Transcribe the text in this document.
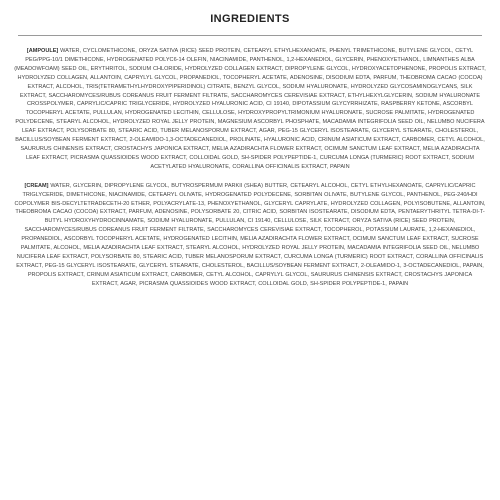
INGREDIENTS

[AMPOULE] WATER, CYCLOMETHICONE, ORYZA SATIVA (RICE) SEED PROTEIN, CETEARYL ETHYLHEXANOATE, PHENYL TRIMETHICONE, BUTYLENE GLYCOL, CETYL PEG/PPG-10/1 DIMETHICONE, HYDROGENATED POLYC6-14 OLEFIN, NIACINAMIDE, PANTHENOL, 1,2-HEXANEDIOL, GLYCERIN, PHENOXYETHANOL, LIMNANTHES ALBA (MEADOWFOAM) SEED OIL, ERYTHRITOL, SODIUM CHLORIDE, HYDROLYZED COLLAGEN EXTRACT, DIPROPYLENE GLYCOL, HYDROXYACETOPHENONE, PROPOLIS EXTRACT, HYDROLYZED COLLAGEN, ALLANTOIN, CAPRYLYL GLYCOL, PROPANEDIOL, TOCOPHERYL ACETATE, ADENOSINE, DISODIUM EDTA, PARFUM, THEOBROMA CACAO (COCOA) EXTRACT, ALCOHOL, TRIS(TETRAMETHYLHYDROXYPIPERIDINOL) CITRATE, BENZYL GLYCOL, SODIUM HYALURONATE, HYDROLYZED GLYCOSAMINOGLYCANS, SILK EXTRACT, SACCHAROMYCES/RUBUS COREANUS FRUIT FERMENT FILTRATE, SACCHAROMYCES CEREVISIAE EXTRACT, ETHYLHEXYLGLYCERIN, SODIUM HYALURONATE CROSSPOLYMER, CAPRYLIC/CAPRIC TRIGLYCERIDE, HYDROLYZED HYALURONIC ACID, CI 19140, DIPOTASSIUM GLYCYRRHIZATE, RASPBERRY KETONE, ASCORBYL TOCOPHERYL ACETATE, PULLULAN, HYDROGENATED LECITHIN, CELLULOSE, HYDROXYPROPYLTRIMONIUM HYALURONATE, SUCROSE PALMITATE, HYDROGENATED POLYDECENE, STEARYL ALCOHOL, HYDROLYZED ROYAL JELLY PROTEIN, MAGNESIUM ASCORBYL PHOSPHATE, MACADAMIA INTEGRIFOLIA SEED OIL, NELUMBO NUCIFERA LEAF EXTRACT, POLYSORBATE 80, STEARIC ACID, TUBER MELANOSPORUM EXTRACT, AGAR, PEG-15 GLYCERYL ISOSTEARATE, GLYCERYL STEARATE, CHOLESTEROL, BACILLUS/SOYBEAN FERMENT EXTRACT, 2-OLEAMIDO-1,3-OCTADECANEDIOL, PROLINATE, HYALURONIC ACID, CRINUM ASIATICUM EXTRACT, CARBOMER, CETYL ALCOHOL, SAURURUS CHINENSIS EXTRACT, CROSTACHYS JAPONICA EXTRACT, MELIA AZADIRACHTA FLOWER EXTRACT, OCIMUM SANCTUM LEAF EXTRACT, MELIA AZADIRACHTA LEAF EXTRACT, PICRASMA QUASSIOIDES WOOD EXTRACT, COLLOIDAL GOLD, SH-SPIDER POLYPEPTIDE-1, CURCUMA LONGA (TURMERIC) ROOT EXTRACT, SODIUM ACETYLATED HYALURONATE, CORALLINA OFFICINALIS EXTRACT, PAPAIN

[CREAM] WATER, GLYCERIN, DIPROPYLENE GLYCOL, BUTYROSPERMUM PARKII (SHEA) BUTTER, CETEARYL ALCOHOL, CETYL ETHYLHEXANOATE, CAPRYLIC/CAPRIC TRIGLYCERIDE, DIMETHICONE, NIACINAMIDE, CETEARYL OLIVATE, HYDROGENATED POLYDECENE, SORBITAN OLIVATE, BUTYLENE GLYCOL, PANTHENOL, PEG-240/HDI COPOLYMER BIS-DECYLTETRADECETH-20 ETHER, POLYACRYLATE-13, PHENOXYETHANOL, GLYCERYL CAPRYLATE, HYDROLYZED COLLAGEN, POLYISOBUTENE, ALLANTOIN, THEOBROMA CACAO (COCOA) EXTRACT, PARFUM, ADENOSINE, POLYSORBATE 20, CITRIC ACID, SORBITAN ISOSTEARATE, DISODIUM EDTA, PENTAERYTHRITYL TETRA-DI-T-BUTYL HYDROXYHYDROCINNAMATE, SODIUM HYALURONATE, PULLULAN, CI 19140, CELLULOSE, SILK EXTRACT, ORYZA SATIVA (RICE) SEED PROTEIN, SACCHAROMYCES/RUBUS COREANUS FRUIT FERMENT FILTRATE, SACCHAROMYCES CEREVISIAE EXTRACT, TOCOPHEROL, POTASSIUM LAURATE, 1,2-HEXANEDIOL, PROPANEDIOL, ASCORBYL TOCOPHERYL ACETATE, HYDROGENATED LECITHIN, MELIA AZADIRACHTA FLOWER EXTRACT, OCIMUM SANCTUM LEAF EXTRACT, SUCROSE PALMITATE, ALCOHOL, MELIA AZADIRACHTA LEAF EXTRACT, STEARYL ALCOHOL, HYDROLYZED ROYAL JELLY PROTEIN, MACADAMIA INTEGRIFOLIA SEED OIL, NELUMBO NUCIFERA LEAF EXTRACT, POLYSORBATE 80, STEARIC ACID, TUBER MELANOSPORUM EXTRACT, CURCUMA LONGA (TURMERIC) ROOT EXTRACT, CORALLINA OFFICINALIS EXTRACT, PEG-15 GLYCERYL ISOSTEARATE, GLYCERYL STEARATE, CHOLESTEROL, BACILLUS/SOYBEAN FERMENT EXTRACT, 2-OLEAMIDO-1, 3-OCTADECANEDIOL, PAPAIN, PROPOLIS EXTRACT, CRINUM ASIATICUM EXTRACT, CARBOMER, CETYL ALCOHOL, CAPRYLYL GLYCOL, SAURURUS CHINENSIS EXTRACT, CROSTACHYS JAPONICA EXTRACT, AGAR, PICRASMA QUASSIOIDES WOOD EXTRACT, COLLOIDAL GOLD, SH-SPIDER POLYPEPTIDE-1, PAPAIN
